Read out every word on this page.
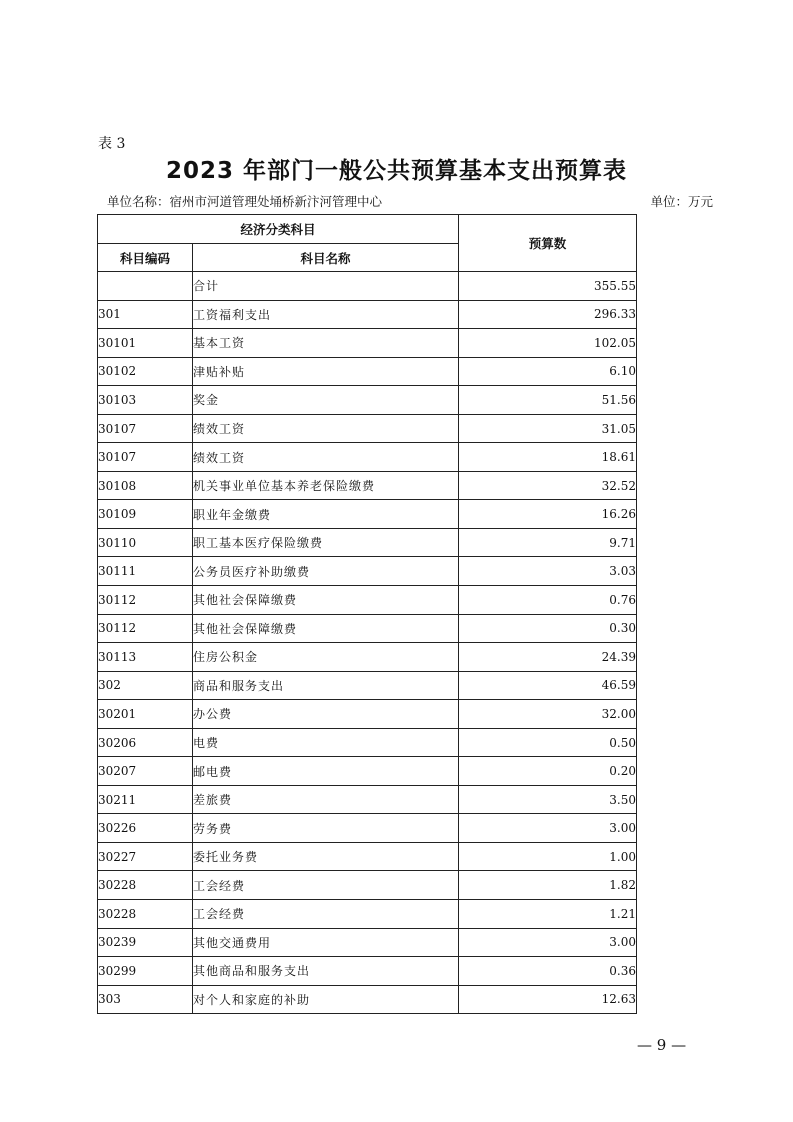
表 3
2023 年部门一般公共预算基本支出预算表
单位名称：宿州市河道管理处埇桥新汴河管理中心	单位：万元
经济分类科目		预算数
科目编码	科目名称	
	合计	355.55
301	工资福利支出	296.33
30101	基本工资	102.05
30102	津贴补贴	6.10
30103	奖金	51.56
30107	绩效工资	31.05
30107	绩效工资	18.61
30108	机关事业单位基本养老保险缴费	32.52
30109	职业年金缴费	16.26
30110	职工基本医疗保险缴费	9.71
30111	公务员医疗补助缴费	3.03
30112	其他社会保障缴费	0.76
30112	其他社会保障缴费	0.30
30113	住房公积金	24.39
302	商品和服务支出	46.59
30201	办公费	32.00
30206	电费	0.50
30207	邮电费	0.20
30211	差旅费	3.50
30226	劳务费	3.00
30227	委托业务费	1.00
30228	工会经费	1.82
30228	工会经费	1.21
30239	其他交通费用	3.00
30299	其他商品和服务支出	0.36
303	对个人和家庭的补助	12.63
— 9 —
